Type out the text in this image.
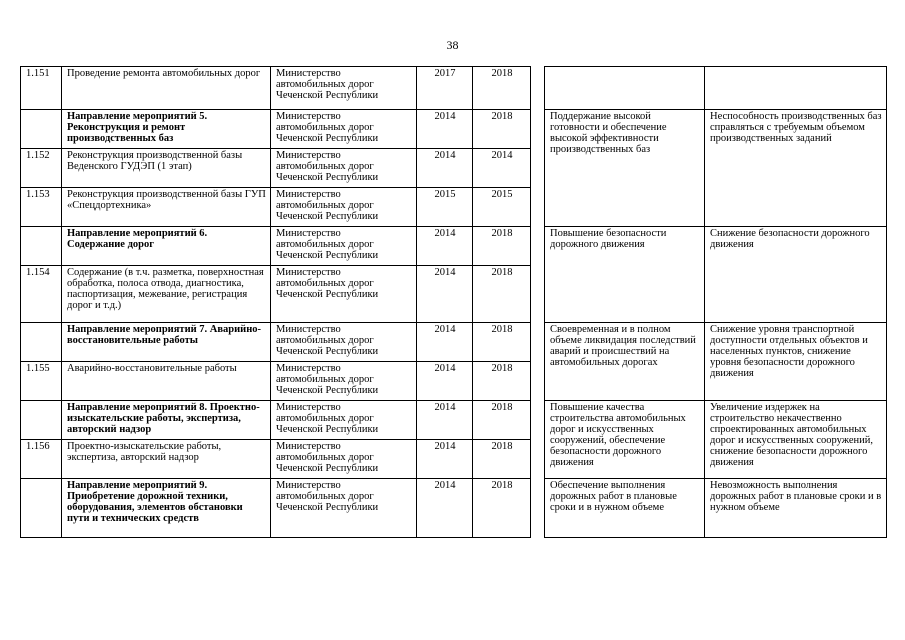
38
1.151	Проведение ремонта автомобильных дорог	Министерство автомобильных дорог Чеченской Республики	2017	2018			
	Направление мероприятий 5. Реконструкция и ремонт производственных баз	Министерство автомобильных дорог Чеченской Республики	2014	2018		Поддержание высокой готовности и обеспечение высокой эффективности производственных баз	Неспособность производственных баз справляться с требуемым объемом производственных заданий
1.152	Реконструкция производственной базы Веденского ГУДЭП (1 этап)	Министерство автомобильных дорог Чеченской Республики	2014	2014			
1.153	Реконструкция производственной базы ГУП «Спецдортехника»	Министерство автомобильных дорог Чеченской Республики	2015	2015			
	Направление мероприятий 6. Содержание дорог	Министерство автомобильных дорог Чеченской Республики	2014	2018		Повышение безопасности дорожного движения	Снижение безопасности дорожного движения
1.154	Содержание (в т.ч. разметка, поверхностная обработка, полоса отвода, диагностика, паспортизация, межевание, регистрация дорог и т.д.)	Министерство автомобильных дорог Чеченской Республики	2014	2018			
	Направление мероприятий 7. Аварийно-восстановительные работы	Министерство автомобильных дорог Чеченской Республики	2014	2018		Своевременная и в полном объеме ликвидация последствий аварий и происшествий на автомобильных дорогах	Снижение уровня транспортной доступности отдельных объектов и населенных пунктов, снижение уровня безопасности дорожного движения
1.155	Аварийно-восстановительные работы	Министерство автомобильных дорог Чеченской Республики	2014	2018			
	Направление мероприятий 8. Проектно-изыскательские работы, экспертиза, авторский надзор	Министерство автомобильных дорог Чеченской Республики	2014	2018		Повышение качества строительства автомобильных дорог и искусственных сооружений, обеспечение безопасности дорожного движения	Увеличение издержек на строительство некачественно спроектированных автомобильных дорог и искусственных сооружений, снижение безопасности дорожного движения
1.156	Проектно-изыскательские работы, экспертиза, авторский надзор	Министерство автомобильных дорог Чеченской Республики	2014	2018			
	Направление мероприятий 9. Приобретение дорожной техники, оборудования, элементов обстановки пути и технических средств	Министерство автомобильных дорог Чеченской Республики	2014	2018		Обеспечение выполнения дорожных работ в плановые сроки и в нужном объеме	Невозможность выполнения дорожных работ в плановые сроки и в нужном объеме
